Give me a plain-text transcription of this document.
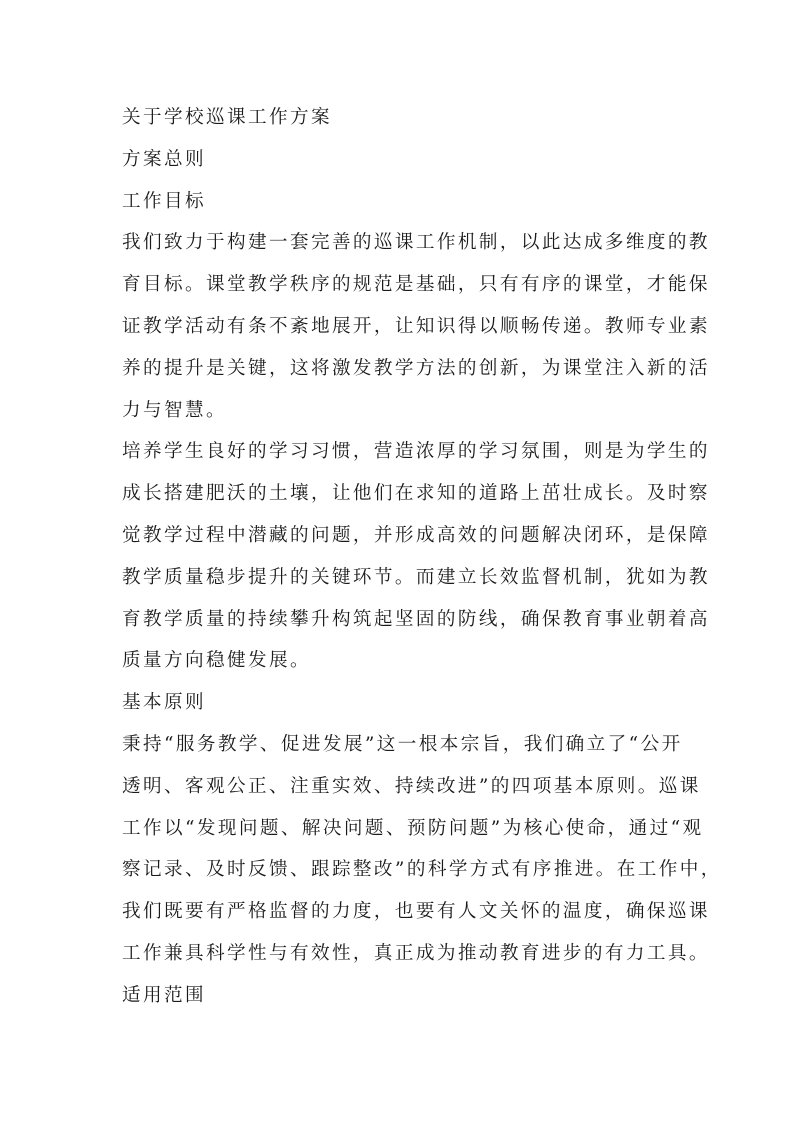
关于学校巡课工作方案
方案总则
工作目标

我们致力于构建一套完善的巡课工作机制，以此达成多维度的教
育目标。课堂教学秩序的规范是基础，只有有序的课堂，才能保
证教学活动有条不紊地展开，让知识得以顺畅传递。教师专业素
养的提升是关键，这将激发教学方法的创新，为课堂注入新的活
力与智慧。

培养学生良好的学习习惯，营造浓厚的学习氛围，则是为学生的
成长搭建肥沃的土壤，让他们在求知的道路上茁壮成长。及时察
觉教学过程中潜藏的问题，并形成高效的问题解决闭环，是保障
教学质量稳步提升的关键环节。而建立长效监督机制，犹如为教
育教学质量的持续攀升构筑起坚固的防线，确保教育事业朝着高
质量方向稳健发展。

基本原则

秉持“服务教学、促进发展”这一根本宗旨，我们确立了“公开
透明、客观公正、注重实效、持续改进”的四项基本原则。巡课
工作以“发现问题、解决问题、预防问题”为核心使命，通过“观
察记录、及时反馈、跟踪整改”的科学方式有序推进。在工作中，
我们既要有严格监督的力度，也要有人文关怀的温度，确保巡课
工作兼具科学性与有效性，真正成为推动教育进步的有力工具。

适用范围
